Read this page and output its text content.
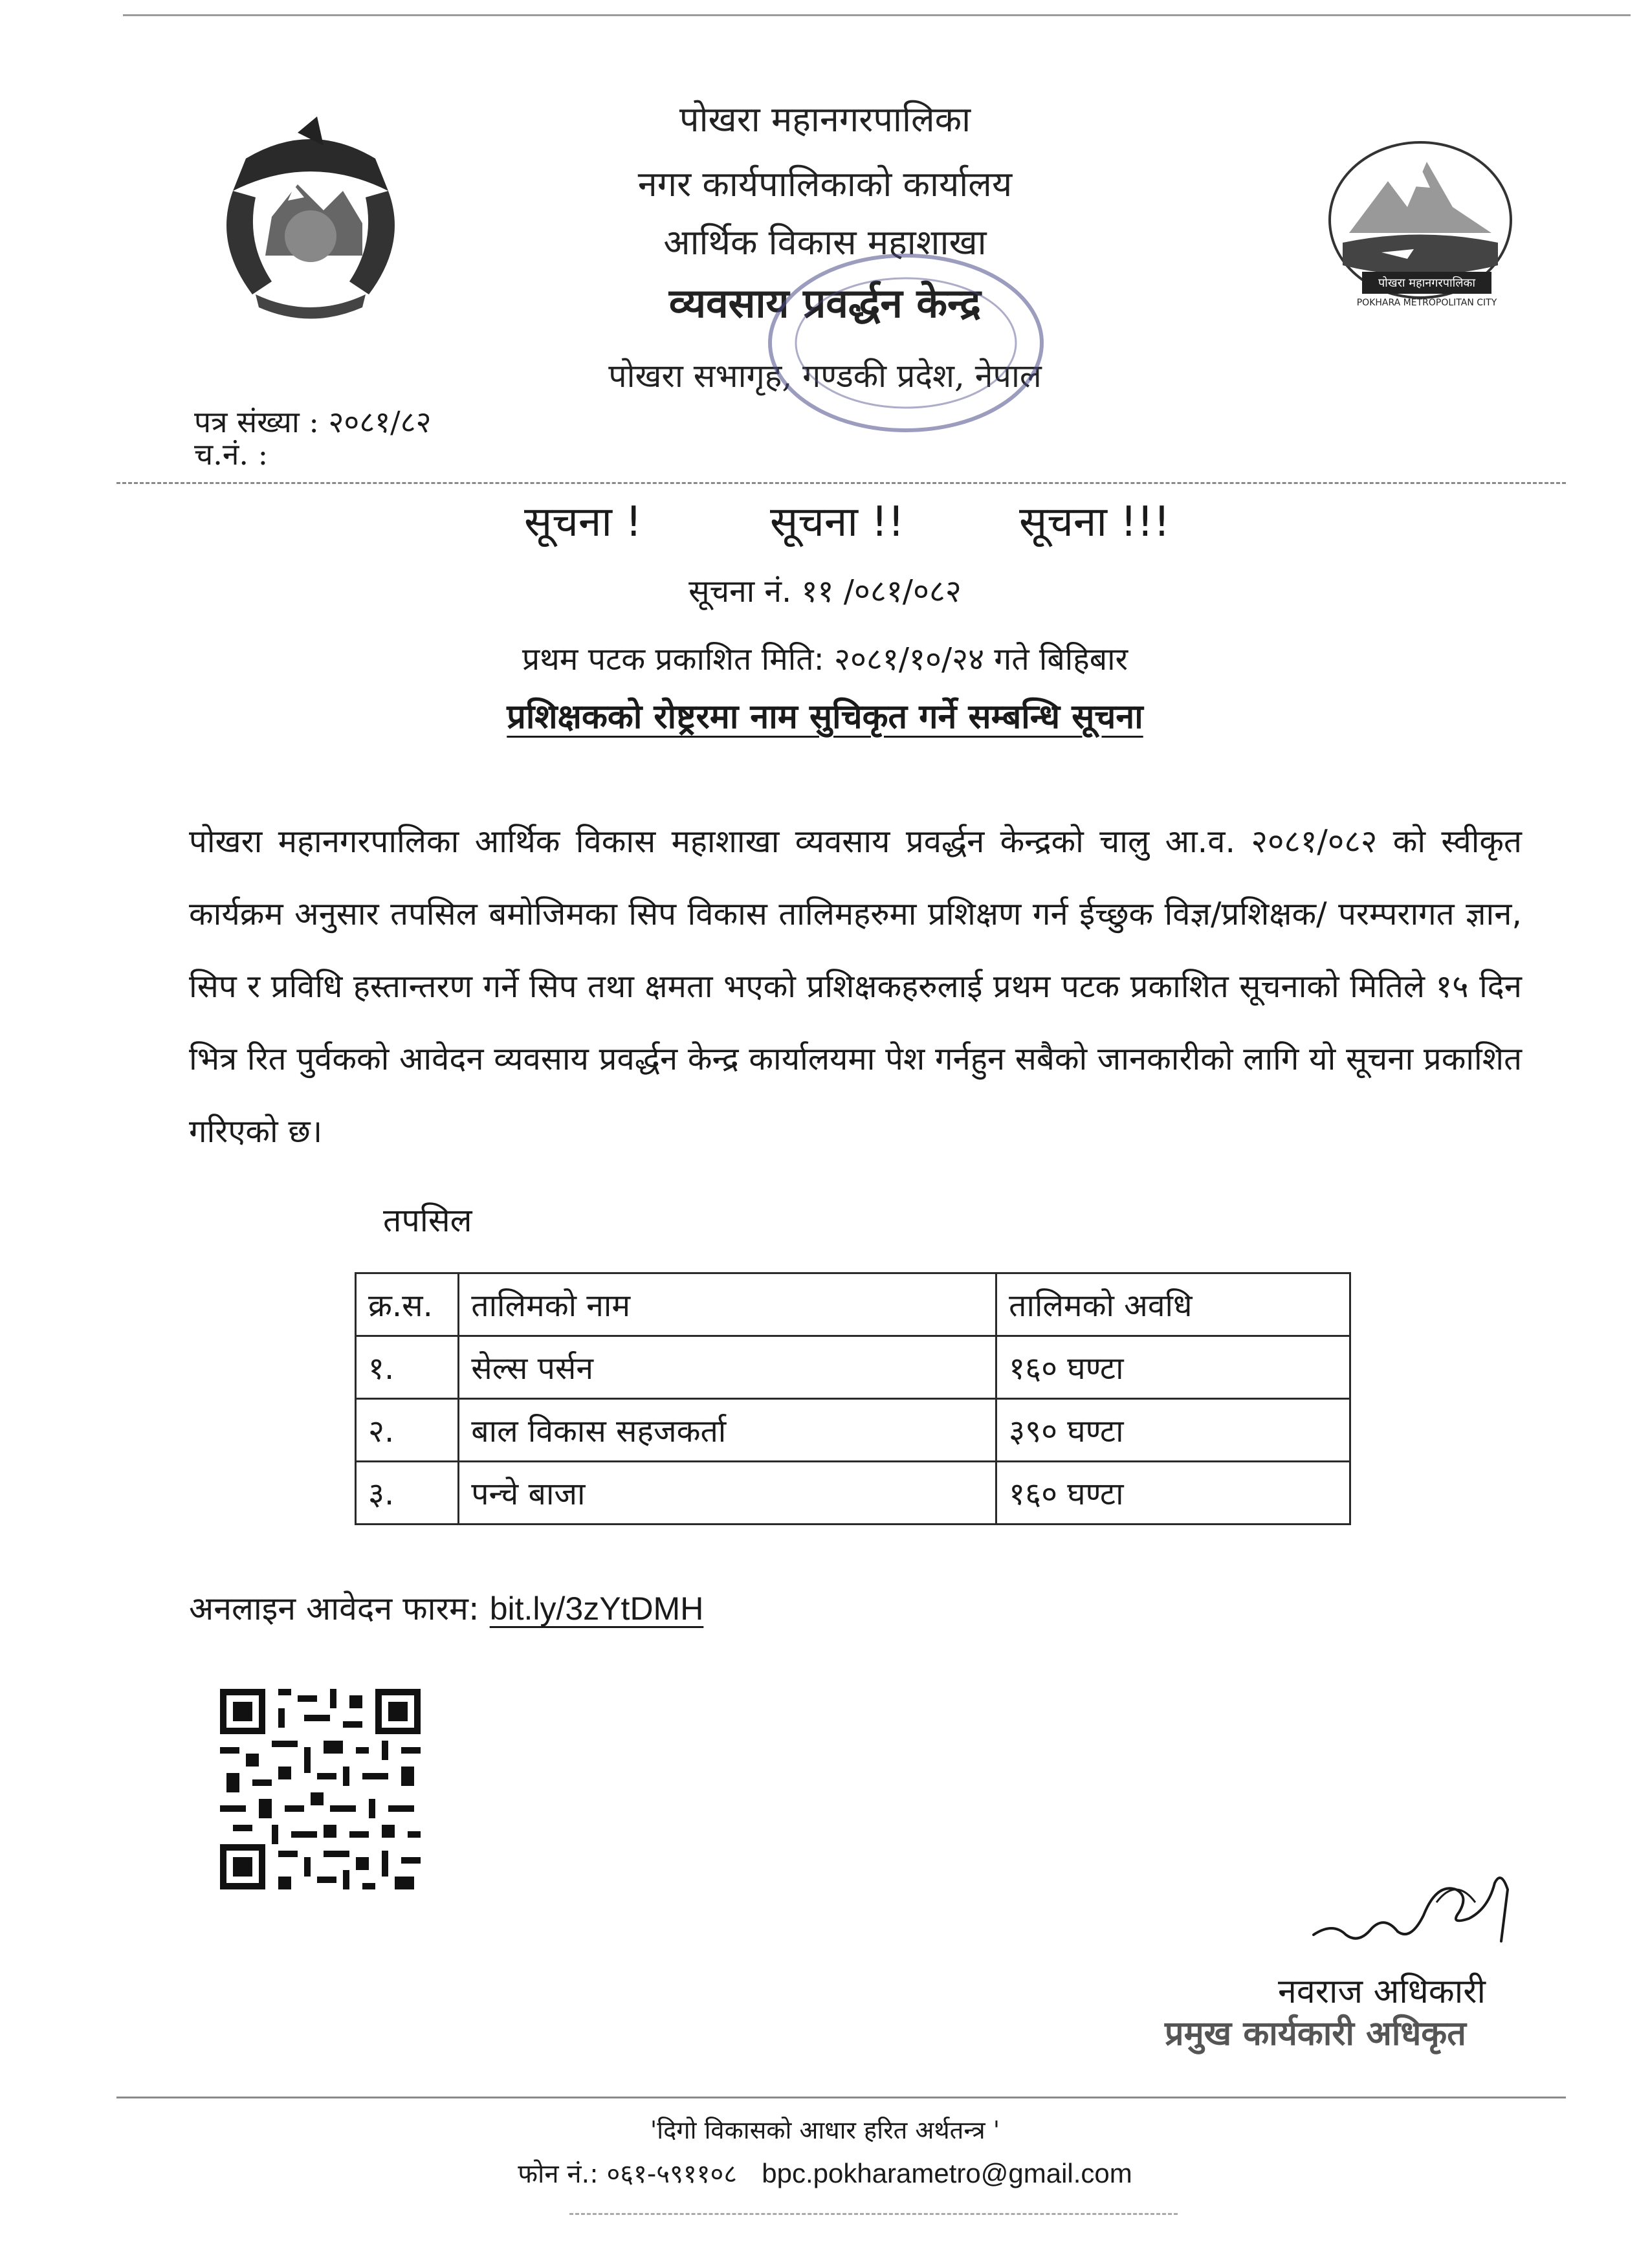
पोखरा महानगरपालिका
POKHARA METROPOLITAN CITY
पोखरा महानगरपालिका
नगर कार्यपालिकाको कार्यालय
आर्थिक विकास महाशाखा
व्यवसाय प्रवर्द्धन केन्द्र
पोखरा सभागृह, गण्डकी प्रदेश, नेपाल
पत्र संख्या : २०८१/८२
च.नं. :
सूचना !	सूचना !!	सूचना !!!
सूचना नं. ११ /०८१/०८२
प्रथम पटक प्रकाशित मिति: २०८१/१०/२४ गते बिहिबार
प्रशिक्षकको रोष्ट्ररमा नाम सुचिकृत गर्ने सम्बन्धि सूचना
पोखरा महानगरपालिका आर्थिक विकास महाशाखा व्यवसाय प्रवर्द्धन केन्द्रको चालु आ.व. २०८१/०८२ को स्वीकृत कार्यक्रम अनुसार तपसिल बमोजिमका सिप विकास तालिमहरुमा प्रशिक्षण गर्न ईच्छुक विज्ञ/प्रशिक्षक/ परम्परागत ज्ञान, सिप र प्रविधि हस्तान्तरण गर्ने सिप तथा क्षमता भएको प्रशिक्षकहरुलाई प्रथम पटक प्रकाशित सूचनाको मितिले १५ दिन भित्र रित पुर्वकको आवेदन व्यवसाय प्रवर्द्धन केन्द्र कार्यालयमा पेश गर्नहुन सबैको जानकारीको लागि यो सूचना प्रकाशित गरिएको छ।
तपसिल
क्र.स.	तालिमको नाम	तालिमको अवधि
१.	सेल्स पर्सन	१६० घण्टा
२.	बाल विकास सहजकर्ता	३९० घण्टा
३.	पन्चे बाजा	१६० घण्टा
अनलाइन आवेदन फारम: bit.ly/3zYtDMH
नवराज अधिकारी
प्रमुख कार्यकारी अधिकृत
'दिगो विकासको आधार हरित अर्थतन्त्र '
फोन नं.: ०६१-५९११०८ bpc.pokharametro@gmail.com
